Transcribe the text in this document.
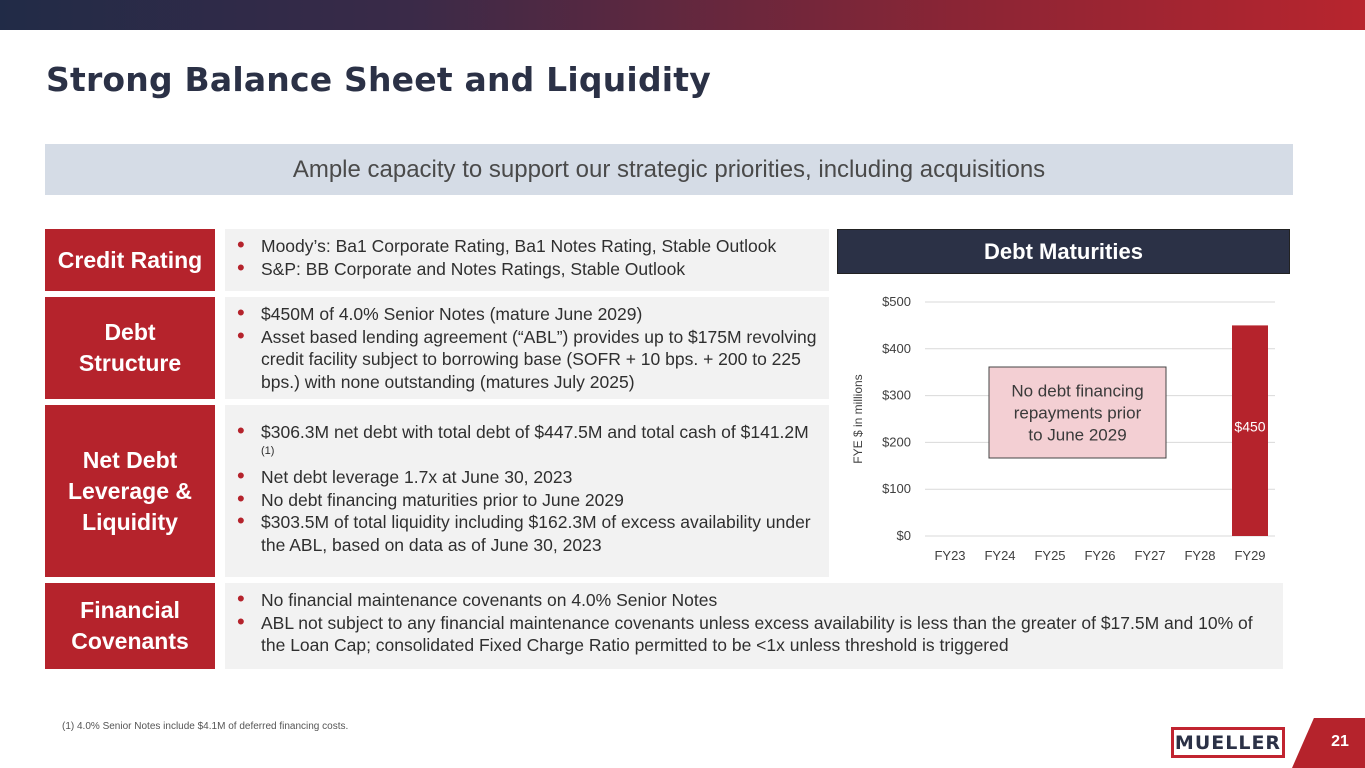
Strong Balance Sheet and Liquidity
Ample capacity to support our strategic priorities, including acquisitions
Credit Rating
• Moody’s: Ba1 Corporate Rating, Ba1 Notes Rating, Stable Outlook
• S&P: BB Corporate and Notes Ratings, Stable Outlook
Debt Structure
• $450M of 4.0% Senior Notes (mature June 2029)
• Asset based lending agreement (“ABL”) provides up to $175M revolving credit facility subject to borrowing base (SOFR + 10 bps. + 200 to 225 bps.) with none outstanding (matures July 2025)
Net Debt Leverage & Liquidity
• $306.3M net debt with total debt of $447.5M and total cash of $141.2M $^{(1)}$
• Net debt leverage 1.7x at June 30, 2023
• No debt financing maturities prior to June 2029
• $303.5M of total liquidity including $162.3M of excess availability under the ABL, based on data as of June 30, 2023
Financial Covenants
• No financial maintenance covenants on 4.0% Senior Notes
• ABL not subject to any financial maintenance covenants unless excess availability is less than the greater of $17.5M and 10% of the Loan Cap; consolidated Fixed Charge Ratio permitted to be <1x unless threshold is triggered
Debt Maturities
$0
$100
$200
$300
$400
$500
FYE $ in millions
FY23 FY24 FY25 FY26 FY27 FY28 FY29
$450
No debt financing repayments prior to June 2029
(1) 4.0% Senior Notes include $4.1M of deferred financing costs.
MUELLER	21
